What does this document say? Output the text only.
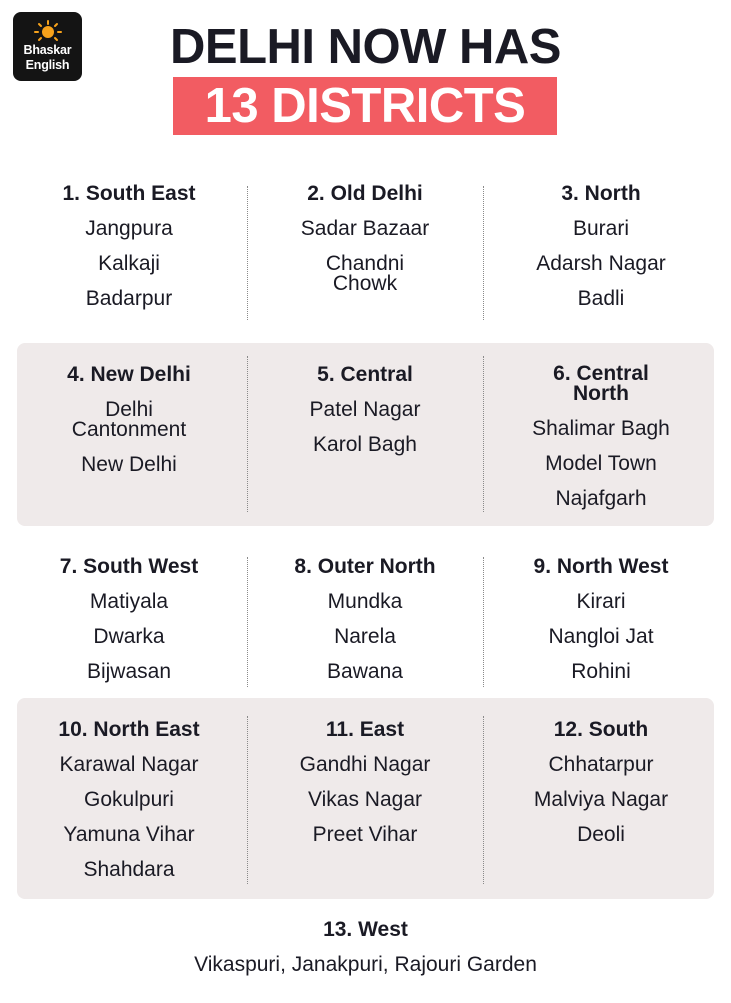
Bhaskar
English	DELHI NOW HAS
13 DISTRICTS
1. South East
Jangpura
Kalkaji
Badarpur
2. Old Delhi
Sadar Bazaar
Chandni Chowk
3. North
Burari
Adarsh Nagar
Badli
4. New Delhi
Delhi Cantonment
New Delhi
5. Central
Patel Nagar
Karol Bagh
6. Central North
Shalimar Bagh
Model Town
Najafgarh
7. South West
Matiyala
Dwarka
Bijwasan
8. Outer North
Mundka
Narela
Bawana
9. North West
Kirari
Nangloi Jat
Rohini
10. North East
Karawal Nagar
Gokulpuri
Yamuna Vihar
Shahdara
11. East
Gandhi Nagar
Vikas Nagar
Preet Vihar
12. South
Chhatarpur
Malviya Nagar
Deoli
13. West
Vikaspuri, Janakpuri, Rajouri Garden
